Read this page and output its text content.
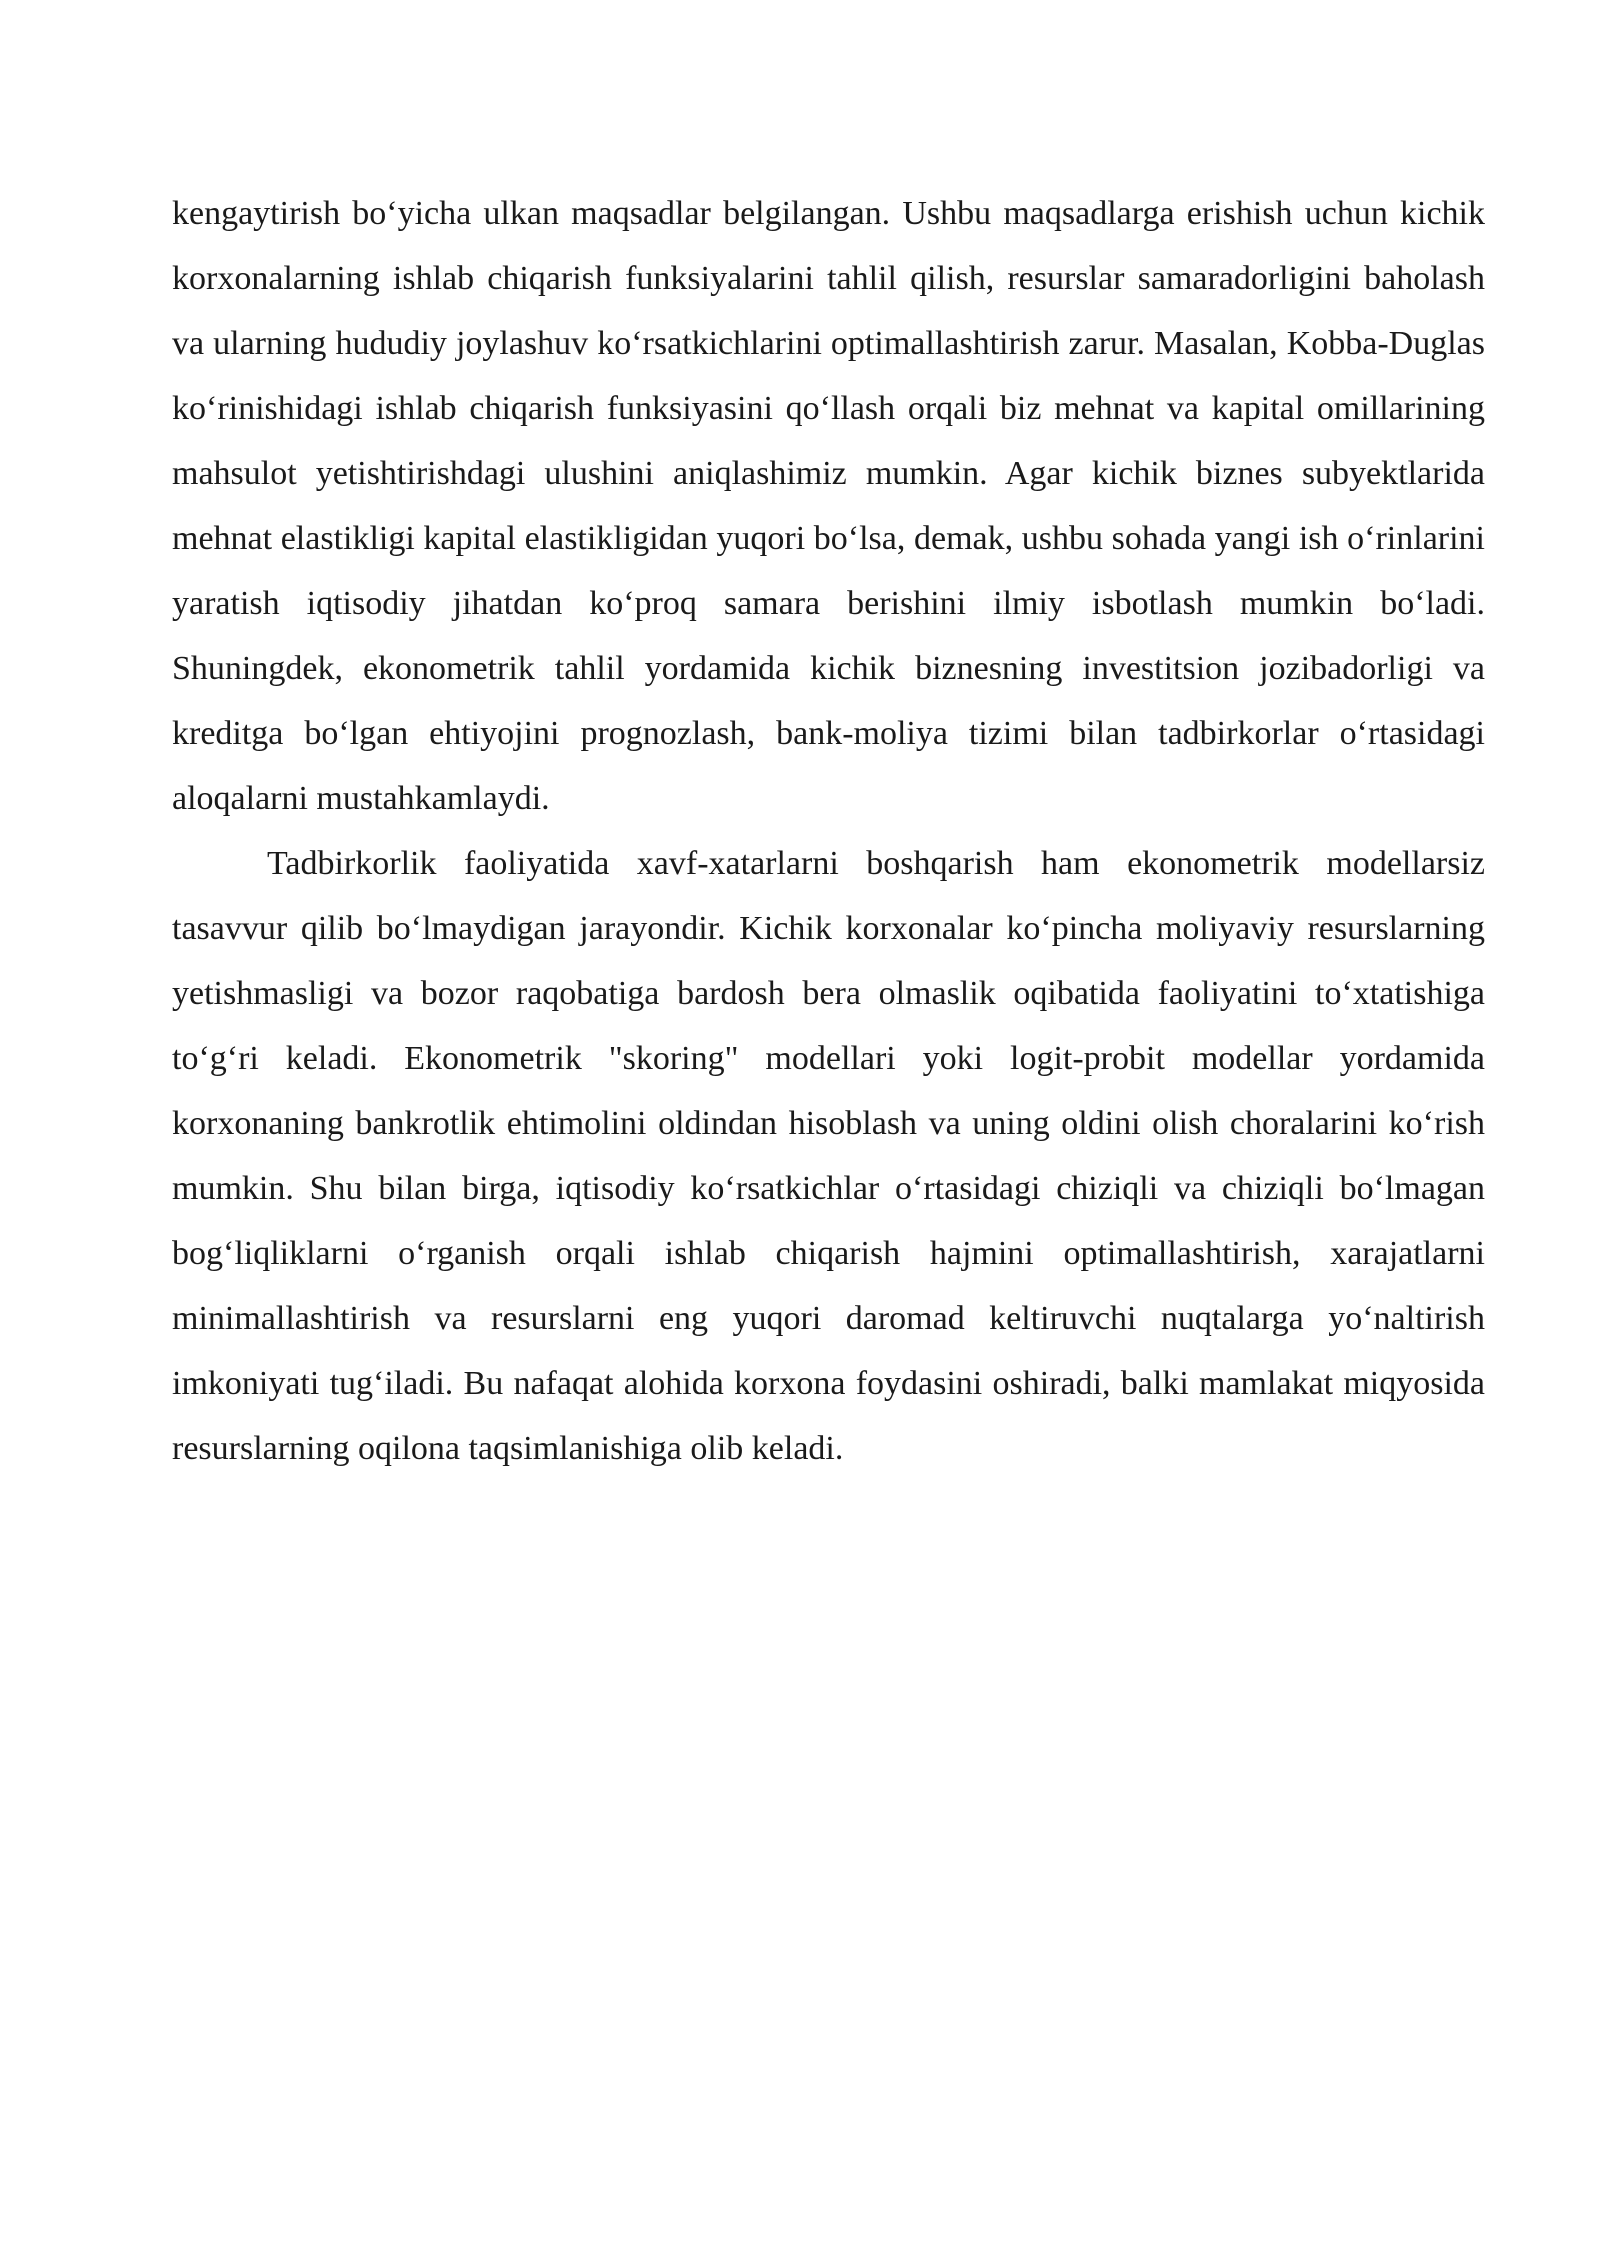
kengaytirish bo‘yicha ulkan maqsadlar belgilangan. Ushbu maqsadlarga erishish uchun kichik korxonalarning ishlab chiqarish funksiyalarini tahlil qilish, resurslar samaradorligini baholash va ularning hududiy joylashuv ko‘rsatkichlarini optimallashtirish zarur. Masalan, Kobba-Duglas ko‘rinishidagi ishlab chiqarish funksiyasini qo‘llash orqali biz mehnat va kapital omillarining mahsulot yetishtirishdagi ulushini aniqlashimiz mumkin. Agar kichik biznes subyektlarida mehnat elastikligi kapital elastikligidan yuqori bo‘lsa, demak, ushbu sohada yangi ish o‘rinlarini yaratish iqtisodiy jihatdan ko‘proq samara berishini ilmiy isbotlash mumkin bo‘ladi. Shuningdek, ekonometrik tahlil yordamida kichik biznesning investitsion jozibadorligi va kreditga bo‘lgan ehtiyojini prognozlash, bank-moliya tizimi bilan tadbirkorlar o‘rtasidagi aloqalarni mustahkamlaydi.

Tadbirkorlik faoliyatida xavf-xatarlarni boshqarish ham ekonometrik modellarsiz tasavvur qilib bo‘lmaydigan jarayondir. Kichik korxonalar ko‘pincha moliyaviy resurslarning yetishmasligi va bozor raqobatiga bardosh bera olmaslik oqibatida faoliyatini to‘xtatishiga to‘g‘ri keladi. Ekonometrik "skoring" modellari yoki logit-probit modellar yordamida korxonaning bankrotlik ehtimolini oldindan hisoblash va uning oldini olish choralarini ko‘rish mumkin. Shu bilan birga, iqtisodiy ko‘rsatkichlar o‘rtasidagi chiziqli va chiziqli bo‘lmagan bog‘liqliklarni o‘rganish orqali ishlab chiqarish hajmini optimallashtirish, xarajatlarni minimallashtirish va resurslarni eng yuqori daromad keltiruvchi nuqtalarga yo‘naltirish imkoniyati tug‘iladi. Bu nafaqat alohida korxona foydasini oshiradi, balki mamlakat miqyosida resurslarning oqilona taqsimlanishiga olib keladi.
